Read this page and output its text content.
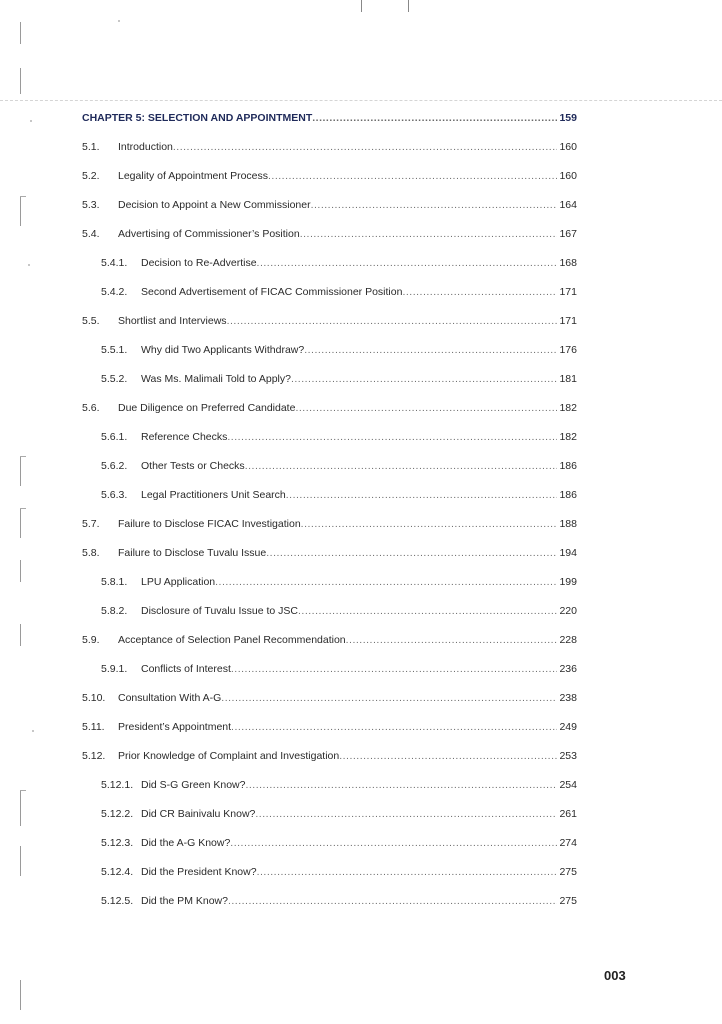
CHAPTER 5: SELECTION AND APPOINTMENT .....	159
5.1.	Introduction .....	160
5.2.	Legality of Appointment Process .....	160
5.3.	Decision to Appoint a New Commissioner .....	164
5.4.	Advertising of Commissioner’s Position .....	167
5.4.1.	Decision to Re-Advertise .....	168
5.4.2.	Second Advertisement of FICAC Commissioner Position .....	171
5.5.	Shortlist and Interviews .....	171
5.5.1.	Why did Two Applicants Withdraw? .....	176
5.5.2.	Was Ms. Malimali Told to Apply? .....	181
5.6.	Due Diligence on Preferred Candidate .....	182
5.6.1.	Reference Checks .....	182
5.6.2.	Other Tests or Checks .....	186
5.6.3.	Legal Practitioners Unit Search .....	186
5.7.	Failure to Disclose FICAC Investigation .....	188
5.8.	Failure to Disclose Tuvalu Issue .....	194
5.8.1.	LPU Application .....	199
5.8.2.	Disclosure of Tuvalu Issue to JSC .....	220
5.9.	Acceptance of Selection Panel Recommendation .....	228
5.9.1.	Conflicts of Interest .....	236
5.10.	Consultation With A-G .....	238
5.11.	President’s Appointment .....	249
5.12.	Prior Knowledge of Complaint and Investigation .....	253
5.12.1. Did S-G Green Know? .....	254
5.12.2. Did CR Bainivalu Know? .....	261
5.12.3. Did the A-G Know? .....	274
5.12.4. Did the President Know? .....	275
5.12.5. Did the PM Know? .....	275
003
